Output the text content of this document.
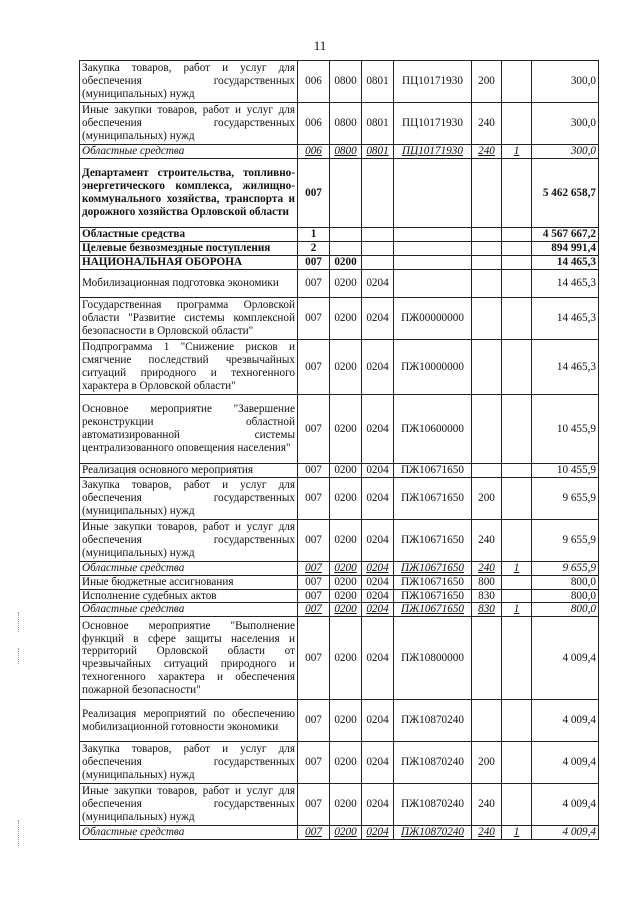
11
Закупка товаров, работ и услуг для обеспечения государственных (муниципальных) нужд	006	0800	0801	ПЦ10171930	200		300,0
Иные закупки товаров, работ и услуг для обеспечения государственных (муниципальных) нужд	006	0800	0801	ПЦ10171930	240		300,0
Областные средства	006	0800	0801	ПЦ10171930	240	1	300,0
Департамент строительства, топливно-энергетического комплекса, жилищно-коммунального хозяйства, транспорта и дорожного хозяйства Орловской области	007						5 462 658,7
Областные средства	1						4 567 667,2
Целевые безвозмездные поступления	2						894 991,4
НАЦИОНАЛЬНАЯ ОБОРОНА	007	0200					14 465,3
Мобилизационная подготовка экономики	007	0200	0204				14 465,3
Государственная программа Орловской области "Развитие системы комплексной безопасности в Орловской области"	007	0200	0204	ПЖ00000000			14 465,3
Подпрограмма 1 "Снижение рисков и смягчение последствий чрезвычайных ситуаций природного и техногенного характера в Орловской области"	007	0200	0204	ПЖ10000000			14 465,3
Основное мероприятие "Завершение реконструкции областной автоматизированной системы централизованного оповещения населения"	007	0200	0204	ПЖ10600000			10 455,9
Реализация основного мероприятия	007	0200	0204	ПЖ10671650			10 455,9
Закупка товаров, работ и услуг для обеспечения государственных (муниципальных) нужд	007	0200	0204	ПЖ10671650	200		9 655,9
Иные закупки товаров, работ и услуг для обеспечения государственных (муниципальных) нужд	007	0200	0204	ПЖ10671650	240		9 655,9
Областные средства	007	0200	0204	ПЖ10671650	240	1	9 655,9
Иные бюджетные ассигнования	007	0200	0204	ПЖ10671650	800		800,0
Исполнение судебных актов	007	0200	0204	ПЖ10671650	830		800,0
Областные средства	007	0200	0204	ПЖ10671650	830	1	800,0
Основное мероприятие "Выполнение функций в сфере защиты населения и территорий Орловской области от чрезвычайных ситуаций природного и техногенного характера и обеспечения пожарной безопасности"	007	0200	0204	ПЖ10800000			4 009,4
Реализация мероприятий по обеспечению мобилизационной готовности экономики	007	0200	0204	ПЖ10870240			4 009,4
Закупка товаров, работ и услуг для обеспечения государственных (муниципальных) нужд	007	0200	0204	ПЖ10870240	200		4 009,4
Иные закупки товаров, работ и услуг для обеспечения государственных (муниципальных) нужд	007	0200	0204	ПЖ10870240	240		4 009,4
Областные средства	007	0200	0204	ПЖ10870240	240	1	4 009,4
